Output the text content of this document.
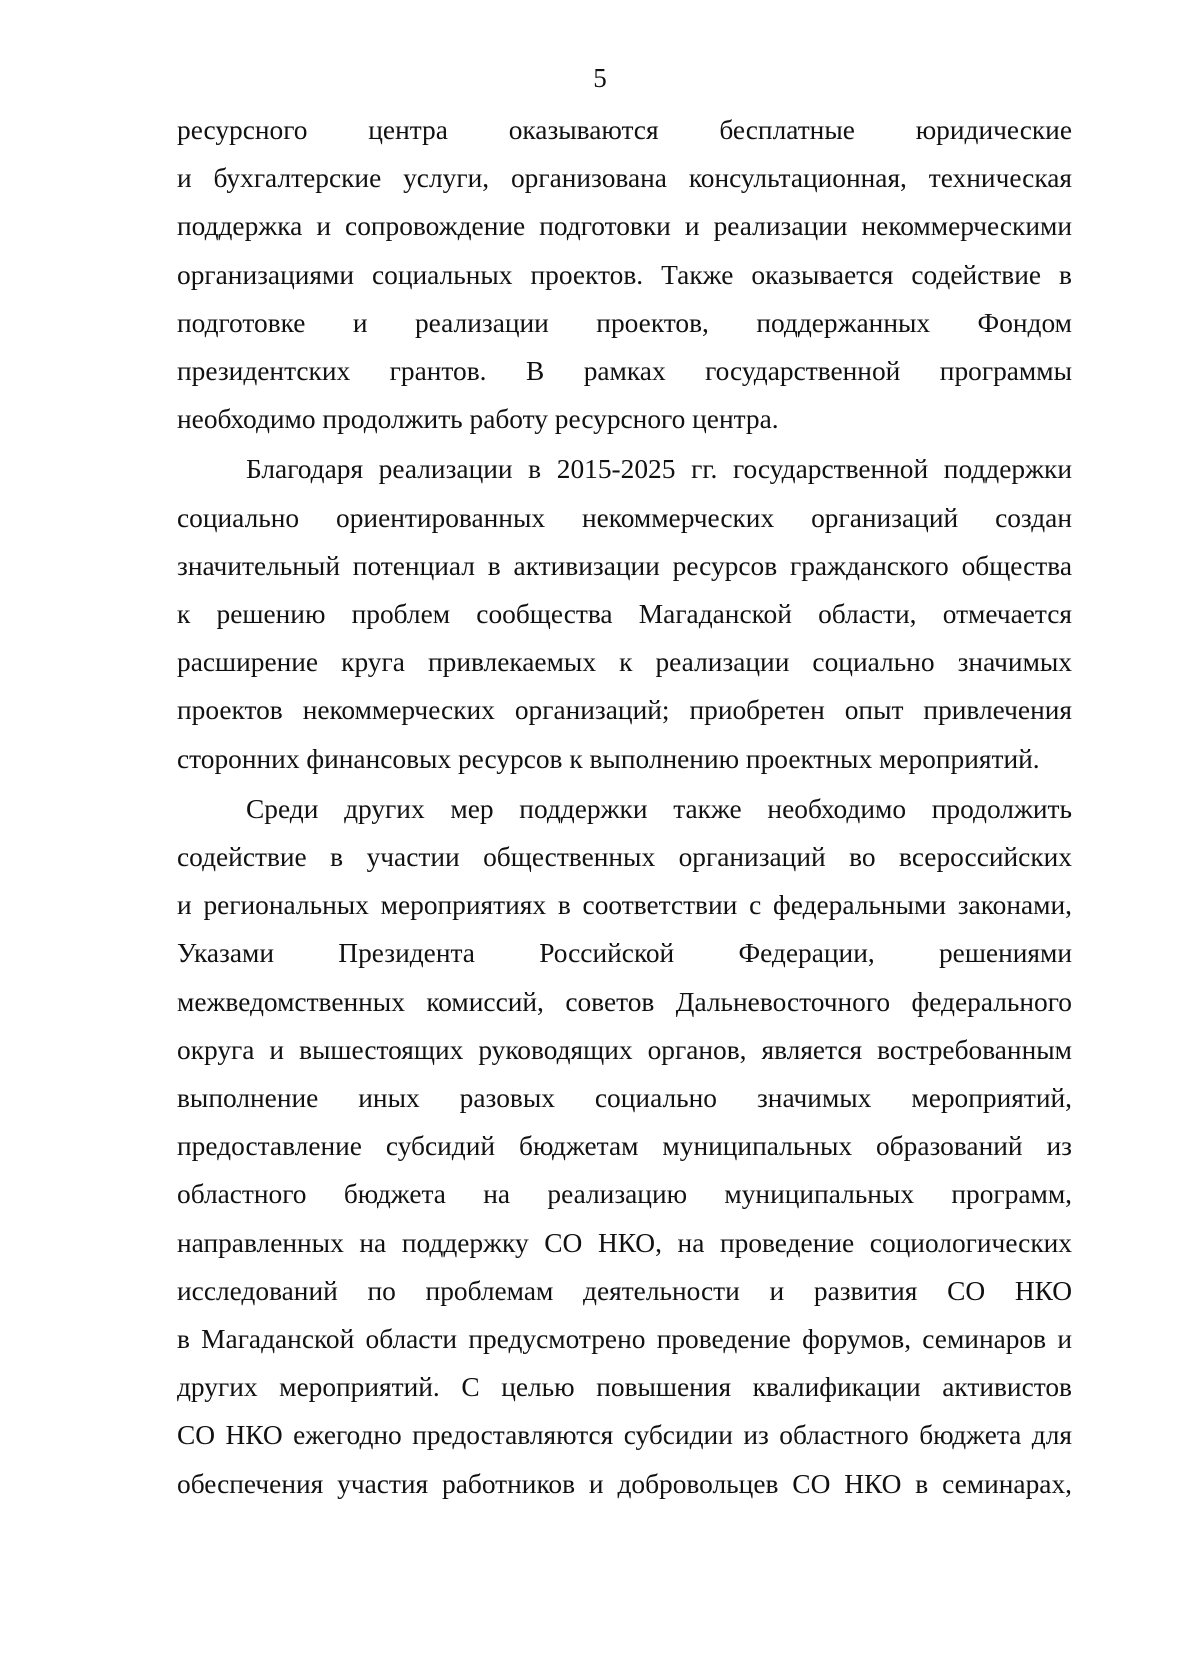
5
ресурсного центра оказываются бесплатные юридические
и бухгалтерские услуги, организована консультационная, техническая
поддержка и сопровождение подготовки и реализации некоммерческими
организациями социальных проектов. Также оказывается содействие в
подготовке и реализации проектов, поддержанных Фондом
президентских грантов. В рамках государственной программы
необходимо продолжить работу ресурсного центра.
Благодаря реализации в 2015-2025 гг. государственной поддержки
социально ориентированных некоммерческих организаций создан
значительный потенциал в активизации ресурсов гражданского общества
к решению проблем сообщества Магаданской области, отмечается
расширение круга привлекаемых к реализации социально значимых
проектов некоммерческих организаций; приобретен опыт привлечения
сторонних финансовых ресурсов к выполнению проектных мероприятий.
Среди других мер поддержки также необходимо продолжить
содействие в участии общественных организаций во всероссийских
и региональных мероприятиях в соответствии с федеральными законами,
Указами Президента Российской Федерации, решениями
межведомственных комиссий, советов Дальневосточного федерального
округа и вышестоящих руководящих органов, является востребованным
выполнение иных разовых социально значимых мероприятий,
предоставление субсидий бюджетам муниципальных образований из
областного бюджета на реализацию муниципальных программ,
направленных на поддержку СО НКО, на проведение социологических
исследований по проблемам деятельности и развития СО НКО
в Магаданской области предусмотрено проведение форумов, семинаров и
других мероприятий. С целью повышения квалификации активистов
СО НКО ежегодно предоставляются субсидии из областного бюджета для
обеспечения участия работников и добровольцев СО НКО в семинарах,
